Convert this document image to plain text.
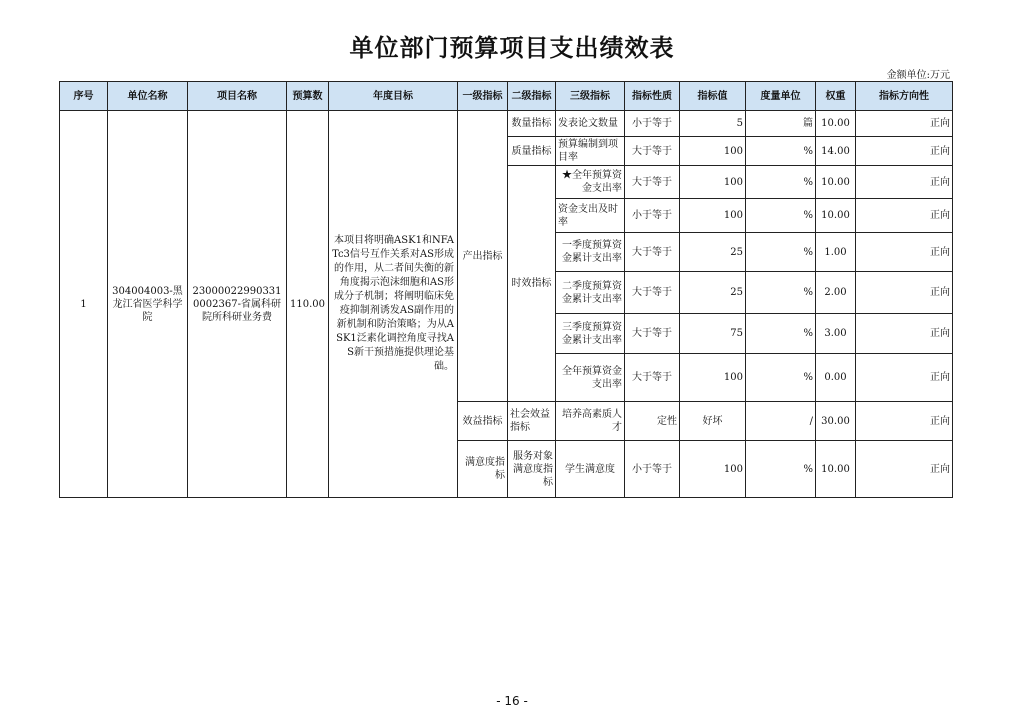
单位部门预算项目支出绩效表
金额单位:万元
序号	单位名称	项目名称	预算数	年度目标	一级指标	二级指标	三级指标	指标性质	指标值	度量单位	权重	指标方向性
1	304004003-黑龙江省医学科学院	230000229903310002367-省属科研院所科研业务费	110.00	本项目将明确ASK1和NFATc3信号互作关系对AS形成的作用，从二者间失衡的新角度揭示泡沫细胞和AS形成分子机制；将阐明临床免疫抑制剂诱发AS副作用的新机制和防治策略；为从ASK1泛素化调控角度寻找AS新干预措施提供理论基础。	产出指标	数量指标	发表论文数量	小于等于	5	篇	10.00	正向
						质量指标	预算编制到项目率	大于等于	100	%	14.00	正向
						时效指标	★全年预算资金支出率	大于等于	100	%	10.00	正向
							资金支出及时率	小于等于	100	%	10.00	正向
							一季度预算资金累计支出率	大于等于	25	%	1.00	正向
							二季度预算资金累计支出率	大于等于	25	%	2.00	正向
							三季度预算资金累计支出率	大于等于	75	%	3.00	正向
							全年预算资金支出率	大于等于	100	%	0.00	正向
					效益指标	社会效益指标	培养高素质人才	定性	好坏	/	30.00	正向
					满意度指标	服务对象满意度指标	学生满意度	小于等于	100	%	10.00	正向
- 16 -
